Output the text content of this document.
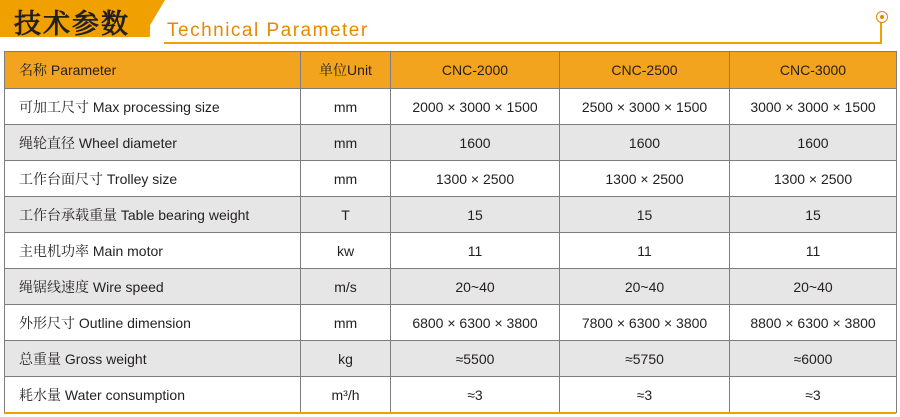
技术参数 Technical Parameter
名称 Parameter	单位Unit	CNC-2000	CNC-2500	CNC-3000
可加工尺寸 Max processing size	mm	2000 × 3000 × 1500	2500 × 3000 × 1500	3000 × 3000 × 1500
绳轮直径 Wheel diameter	mm	1600	1600	1600
工作台面尺寸 Trolley size	mm	1300 × 2500	1300 × 2500	1300 × 2500
工作台承载重量 Table bearing weight	T	15	15	15
主电机功率 Main motor	kw	11	11	11
绳锯线速度 Wire speed	m/s	20~40	20~40	20~40
外形尺寸 Outline dimension	mm	6800 × 6300 × 3800	7800 × 6300 × 3800	8800 × 6300 × 3800
总重量 Gross weight	kg	≈5500	≈5750	≈6000
耗水量 Water consumption	m³/h	≈3	≈3	≈3
